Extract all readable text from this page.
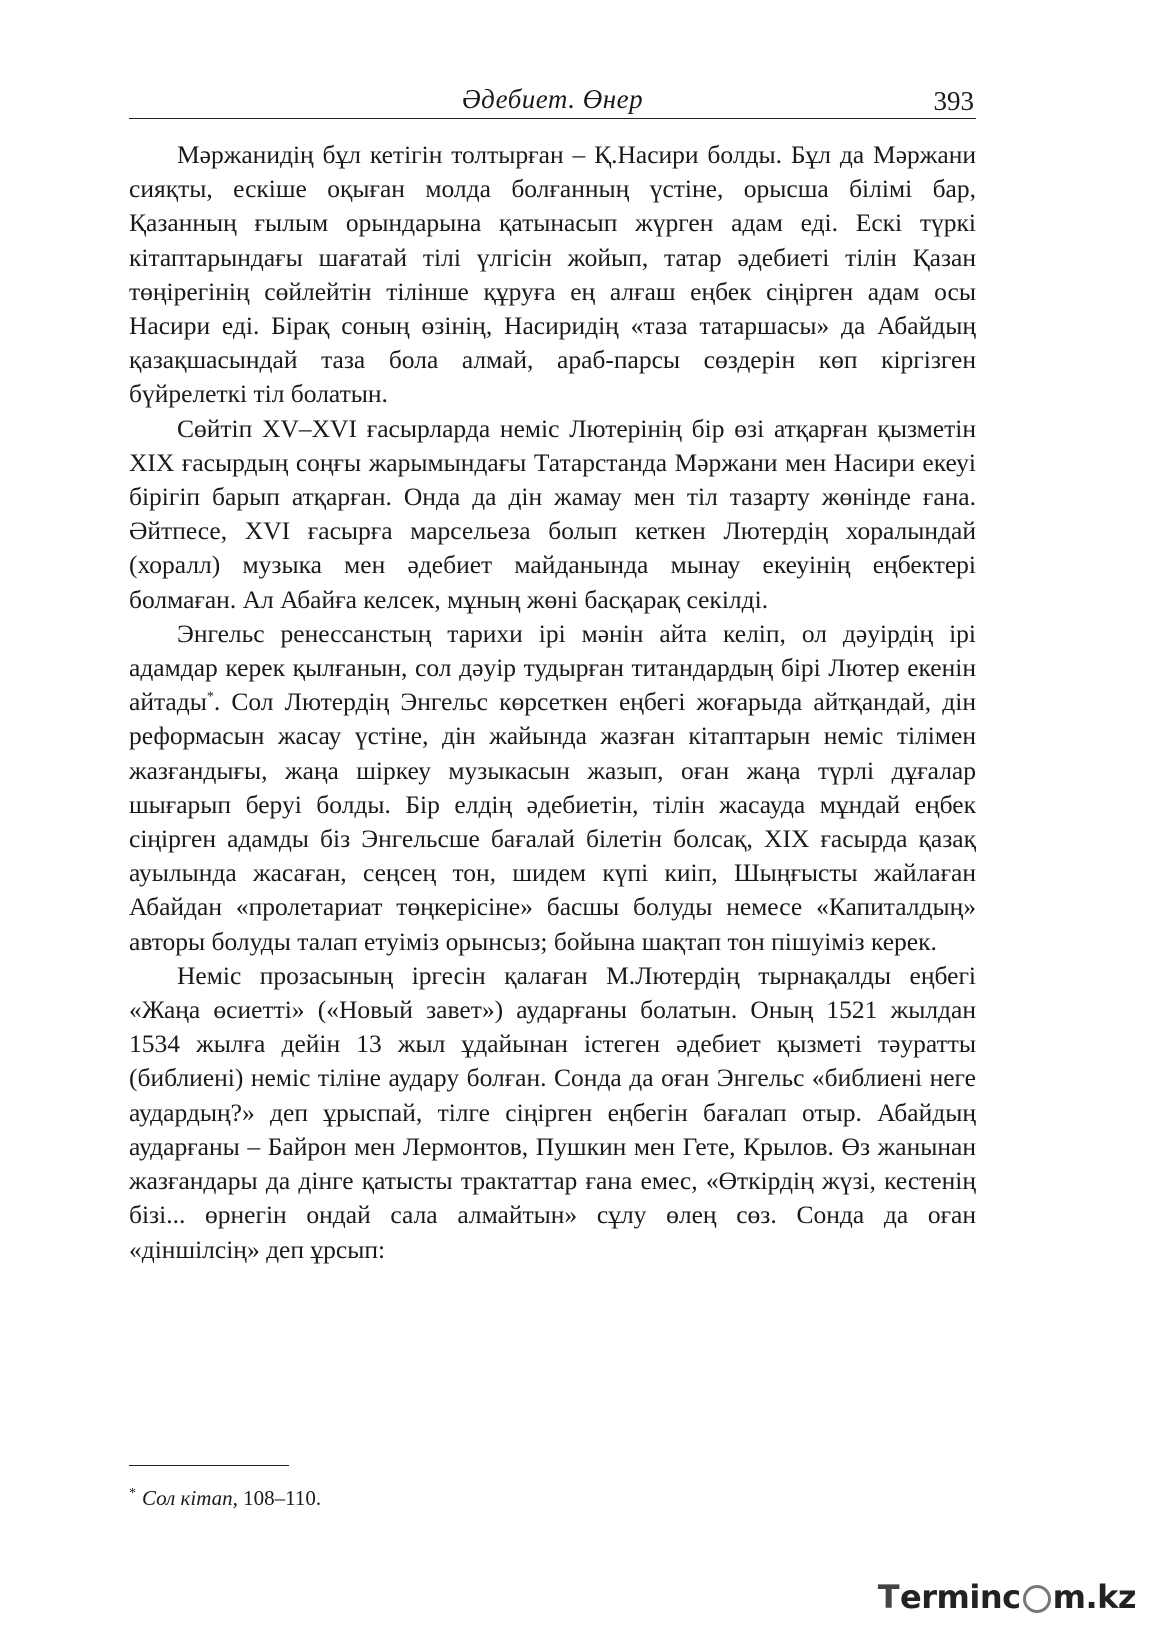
Әдебиет. Өнер	393

Мәржанидің бұл кетігін толтырған – Қ.Насири болды. Бұл да Мәржани сияқты, ескіше оқыған молда болғанның үстіне, орысша білімі бар, Қазанның ғылым орындарына қатынасып жүрген адам еді. Ескі түркі кітаптарындағы шағатай тілі үлгісін жойып, татар әдебиеті тілін Қазан төңірегінің сөйлейтін тілінше құруға ең алғаш еңбек сіңірген адам осы Насири еді. Бірақ соның өзінің, Насиридің «таза татаршасы» да Абайдың қазақшасындай таза бола алмай, араб-парсы сөздерін көп кіргізген бүйрелеткі тіл болатын.

Сөйтіп XV–XVI ғасырларда неміс Лютерінің бір өзі атқарған қызметін XIX ғасырдың соңғы жарымындағы Татарстанда Мәржани мен Насири екеуі бірігіп барып атқарған. Онда да дін жамау мен тіл тазарту жөнінде ғана. Әйтпесе, XVI ғасырға марсельеза болып кеткен Лютердің хоралындай (хоралл) музыка мен әдебиет майданында мынау екеуінің еңбектері болмаған. Ал Абайға келсек, мұның жөні басқарақ секілді.

Энгельс ренессанстың тарихи ірі мәнін айта келіп, ол дәуірдің ірі адамдар керек қылғанын, сол дәуір тудырған титандардың бірі Лютер екенін айтады*. Сол Лютердің Энгельс көрсеткен еңбегі жоғарыда айтқандай, дін реформасын жасау үстіне, дін жайында жазған кітаптарын неміс тілімен жазғандығы, жаңа шіркеу музыкасын жазып, оған жаңа түрлі дұғалар шығарып беруі болды. Бір елдің әдебиетін, тілін жасауда мұндай еңбек сіңірген адамды біз Энгельсше бағалай білетін болсақ, XIX ғасырда қазақ ауылында жасаған, сеңсең тон, шидем күпі киіп, Шыңғысты жайлаған Абайдан «пролетариат төңкерісіне» басшы болуды немесе «Капиталдың» авторы болуды талап етуіміз орынсыз; бойына шақтап тон пішуіміз керек.

Неміс прозасының іргесін қалаған М.Лютердің тырнақалды еңбегі «Жаңа өсиетті» («Новый завет») аударғаны болатын. Оның 1521 жылдан 1534 жылға дейін 13 жыл ұдайынан істеген әдебиет қызметі тәуратты (библиені) неміс тіліне аудару болған. Сонда да оған Энгельс «библиені неге аудардың?» деп ұрыспай, тілге сіңірген еңбегін бағалап отыр. Абайдың аударғаны – Байрон мен Лермонтов, Пушкин мен Гете, Крылов. Өз жанынан жазғандары да дінге қатысты трактаттар ғана емес, «Өткірдің жүзі, кестенің бізі... өрнегін ондай сала алмайтын» сұлу өлең сөз. Сонда да оған «діншілсің» деп ұрсып:

* Сол кітап, 108–110.
T erminc m.kz
